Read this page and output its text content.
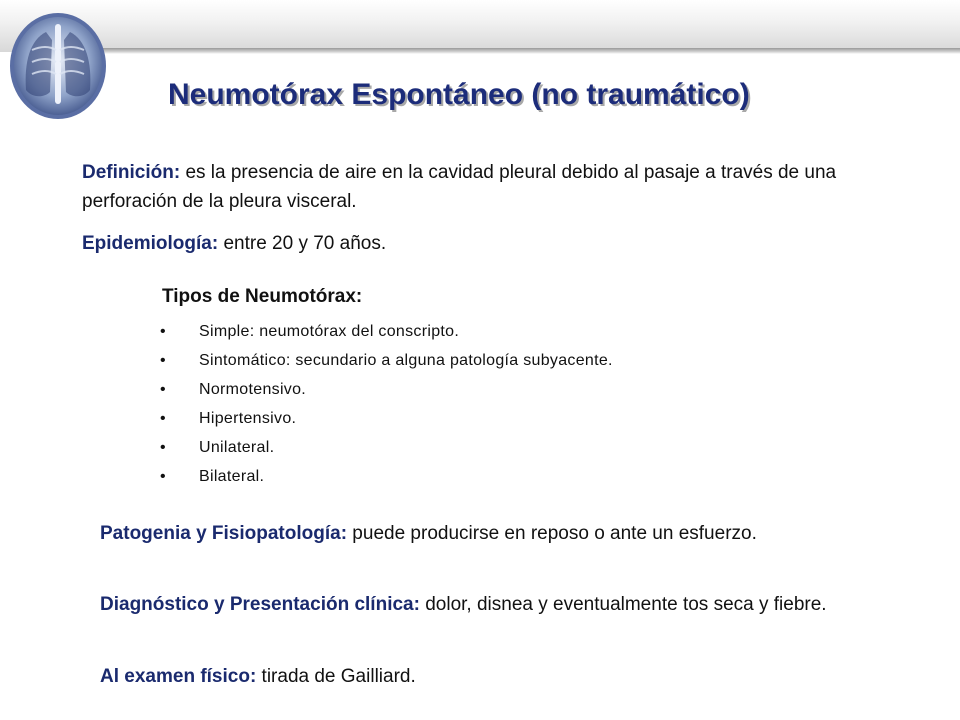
Neumotórax Espontáneo (no traumático)

Definición: es la presencia de aire en la cavidad pleural debido al pasaje a través de una perforación de la pleura visceral.

Epidemiología: entre 20 y 70 años.

Tipos de Neumotórax:
• Simple: neumotórax del conscripto.
• Sintomático: secundario a alguna patología subyacente.
• Normotensivo.
• Hipertensivo.
• Unilateral.
• Bilateral.

Patogenia y Fisiopatología: puede producirse en reposo o ante un esfuerzo.

Diagnóstico y Presentación clínica: dolor, disnea y eventualmente tos seca y fiebre.

Al examen físico: tirada de Gailliard.
